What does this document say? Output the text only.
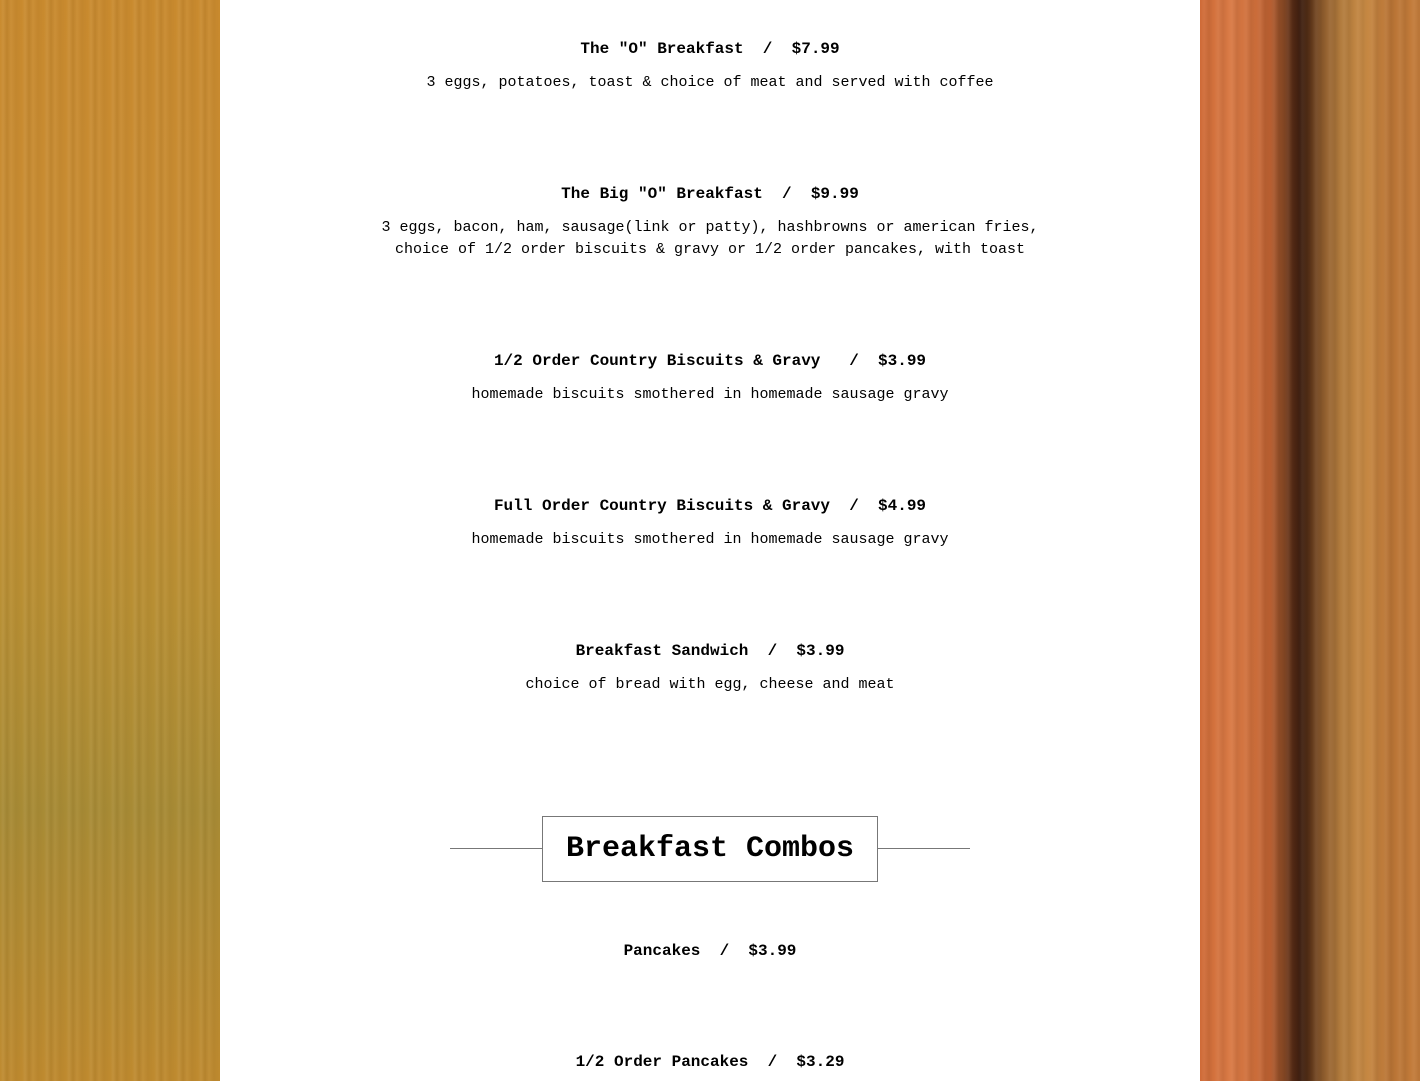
The "O" Breakfast  /  $7.99
3 eggs, potatoes, toast & choice of meat and served with coffee
The Big "O" Breakfast  /  $9.99
3 eggs, bacon, ham, sausage(link or patty), hashbrowns or american fries,
choice of 1/2 order biscuits & gravy or 1/2 order pancakes, with toast
1/2 Order Country Biscuits & Gravy   /  $3.99
homemade biscuits smothered in homemade sausage gravy
Full Order Country Biscuits & Gravy  /  $4.99
homemade biscuits smothered in homemade sausage gravy
Breakfast Sandwich  /  $3.99
choice of bread with egg, cheese and meat
Breakfast Combos
Pancakes  /  $3.99
1/2 Order Pancakes  /  $3.29
